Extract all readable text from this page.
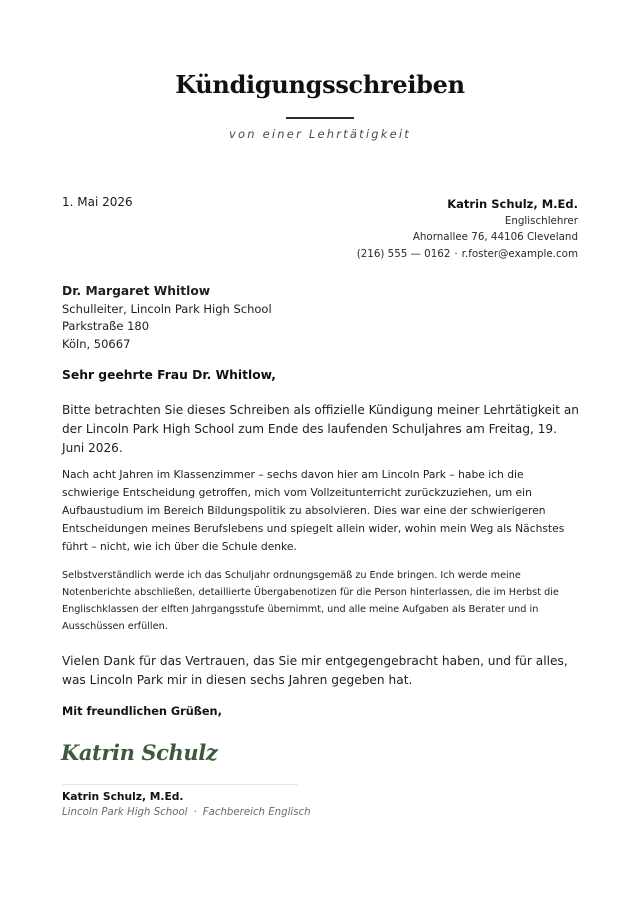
Kündigungsschreiben
von einer Lehrtätigkeit
1. Mai 2026	Katrin Schulz, M.Ed.
Englischlehrer
Ahornallee 76, 44106 Cleveland
(216) 555 — 0162 · r.foster@example.com
Dr. Margaret Whitlow
Schulleiter, Lincoln Park High School
Parkstraße 180
Köln, 50667
Sehr geehrte Frau Dr. Whitlow,
Bitte betrachten Sie dieses Schreiben als offizielle Kündigung meiner Lehrtätigkeit an der Lincoln Park High School zum Ende des laufenden Schuljahres am Freitag, 19. Juni 2026.
Nach acht Jahren im Klassenzimmer – sechs davon hier am Lincoln Park – habe ich die schwierige Entscheidung getroffen, mich vom Vollzeitunterricht zurückzuziehen, um ein Aufbaustudium im Bereich Bildungspolitik zu absolvieren. Dies war eine der schwierigeren Entscheidungen meines Berufslebens und spiegelt allein wider, wohin mein Weg als Nächstes führt – nicht, wie ich über die Schule denke.
Selbstverständlich werde ich das Schuljahr ordnungsgemäß zu Ende bringen. Ich werde meine Notenberichte abschließen, detaillierte Übergabenotizen für die Person hinterlassen, die im Herbst die Englischklassen der elften Jahrgangsstufe übernimmt, und alle meine Aufgaben als Berater und in Ausschüssen erfüllen.
Vielen Dank für das Vertrauen, das Sie mir entgegengebracht haben, und für alles, was Lincoln Park mir in diesen sechs Jahren gegeben hat.
Mit freundlichen Grüßen,
Katrin Schulz
Katrin Schulz, M.Ed.
Lincoln Park High School · Fachbereich Englisch
